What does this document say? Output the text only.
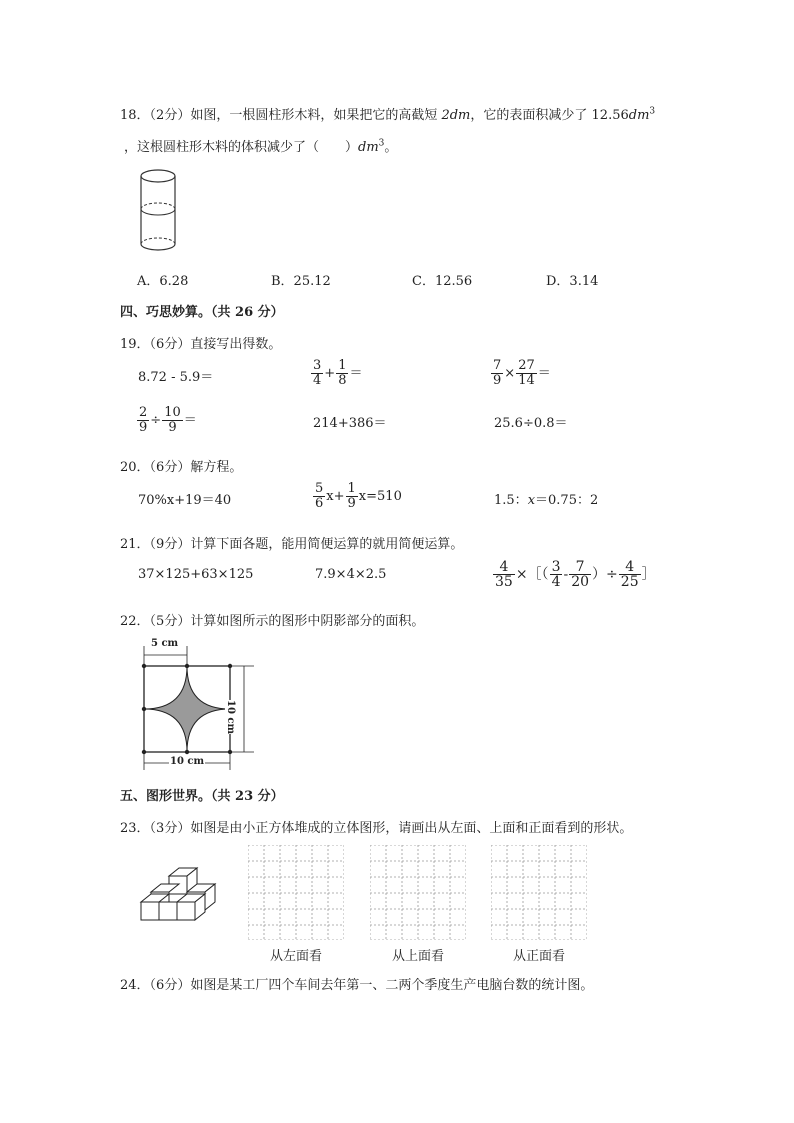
18．（2分）如图，一根圆柱形木料，如果把它的高截短 2dm，它的表面积减少了 $12.56dm^3$
，这根圆柱形木料的体积减少了（　　）$dm^3$。
A．6.28	B．25.12	C．12.56	D．3.14
四、巧思妙算。（共 26 分）
19．（6分）直接写出得数。
8.72 - 5.9＝	$\frac{3}{4} + \frac{1}{8}$ ＝	$\frac{7}{9} \times \frac{27}{14}$ ＝
$\frac{2}{9} \div \frac{10}{9}$ ＝	214+386＝	25.6÷0.8＝
20．（6分）解方程。
70%x+19＝40	$\frac{5}{6} x+ \frac{1}{9} x=510$	1.5：x＝0.75：2
21．（9分）计算下面各题，能用简便运算的就用简便运算。
37×125+63×125	7.9×4×2.5	$\frac{4}{35}$ ×［（ $\frac{3}{4} - \frac{7}{20}$ ）÷ $\frac{4}{25}$ ］
22．（5分）计算如图所示的图形中阴影部分的面积。
5 cm
10 cm
10 cm
五、图形世界。（共 23 分）
23．（3分）如图是由小正方体堆成的立体图形，请画出从左面、上面和正面看到的形状。
从左面看	从上面看	从正面看
24．（6分）如图是某工厂四个车间去年第一、二两个季度生产电脑台数的统计图。
